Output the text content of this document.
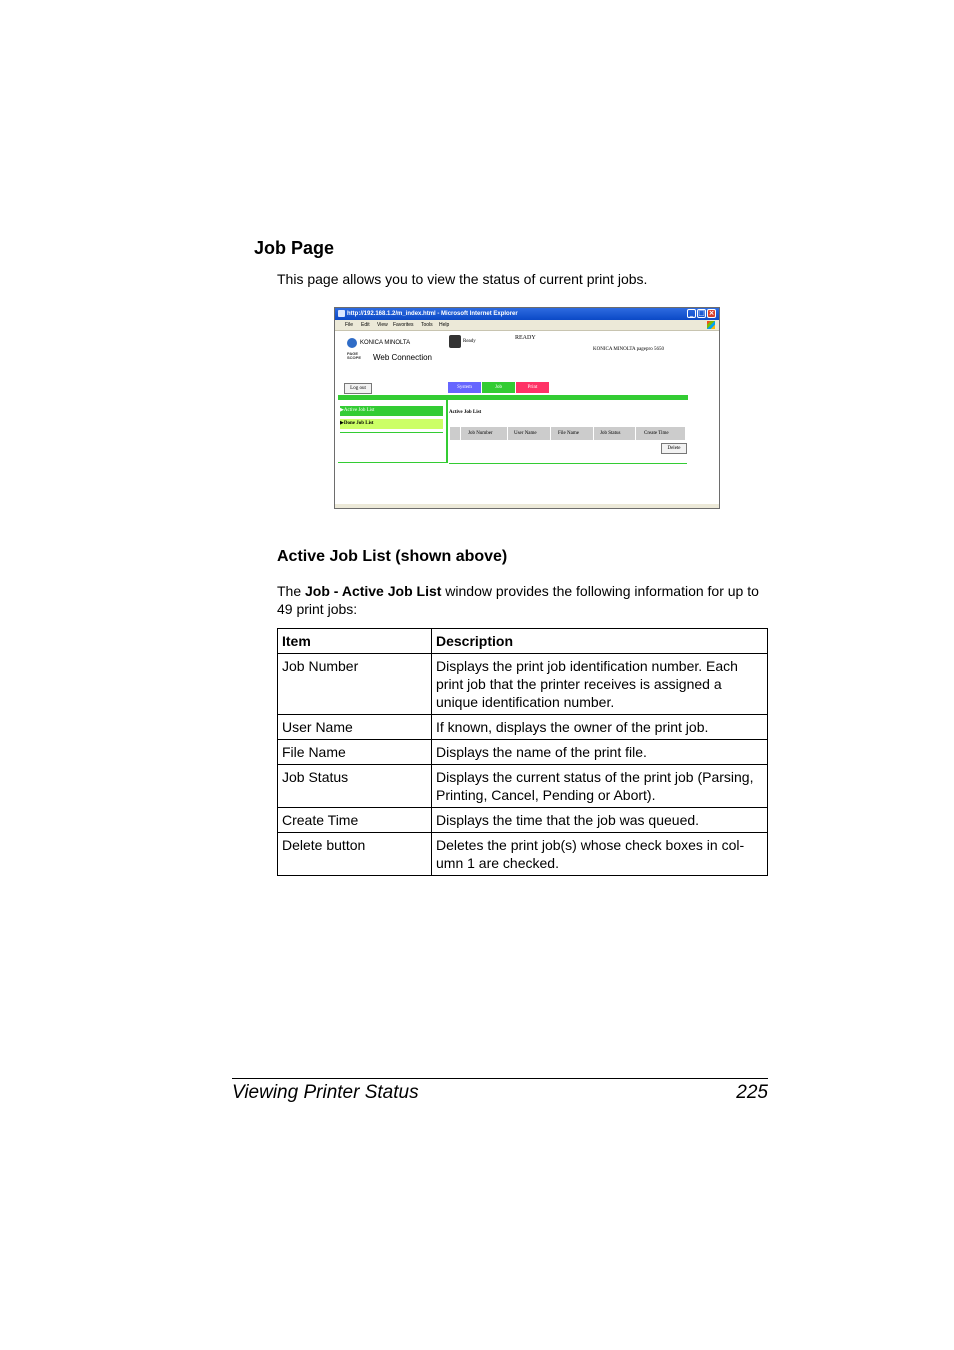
Job Page
This page allows you to view the status of current print jobs.
http://192.168.1.2/m_index.html - Microsoft Internet Explorer	_ □ ×
File Edit View Favorites Tools Help
KONICA MINOLTA
PAGE SCOPE	Web Connection
Ready
READY
KONICA MINOLTA pagepro 5650
Log out	System	Job	Print
▶Active Job List
▶Done Job List
Active Job List
Job Number	User Name	File Name	Job Status	Create Time
Delete
Active Job List (shown above)
The Job - Active Job List window provides the following information for up to 49 print jobs:
Item	Description
Job Number	Displays the print job identification number. Each print job that the printer receives is assigned a unique identification number.
User Name	If known, displays the owner of the print job.
File Name	Displays the name of the print file.
Job Status	Displays the current status of the print job (Parsing, Printing, Cancel, Pending or Abort).
Create Time	Displays the time that the job was queued.
Delete button	Deletes the print job(s) whose check boxes in col-umn 1 are checked.
Viewing Printer Status	225
